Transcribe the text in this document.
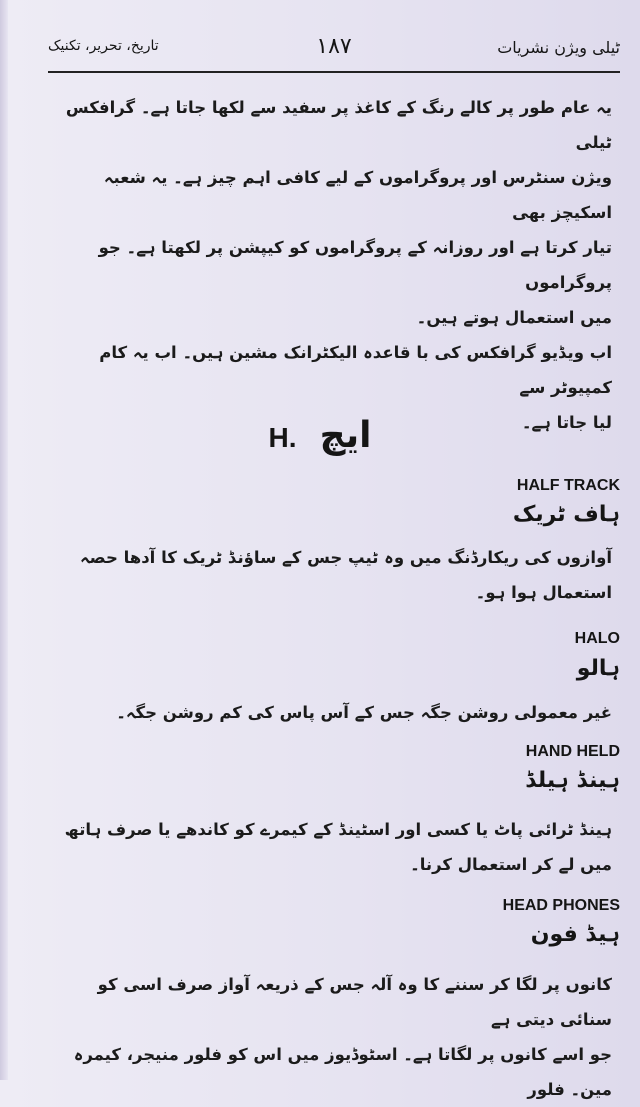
ٹیلی ویژن نشریات
۱۸۷
تاریخ، تحریر، تکنیک
یہ عام طور پر کالے رنگ کے کاغذ پر سفید سے لکھا جاتا ہے۔ گرافکس ٹیلی
ویژن سنٹرس اور پروگراموں کے لیے کافی اہم چیز ہے۔ یہ شعبہ اسکیچز بھی
تیار کرتا ہے اور روزانہ کے پروگراموں کو کیپشن پر لکھتا ہے۔ جو پروگراموں
میں استعمال ہوتے ہیں۔
اب ویڈیو گرافکس کی با قاعدہ الیکٹرانک مشین ہیں۔ اب یہ کام کمپیوٹر سے
لیا جاتا ہے۔
H. ایچ
HALF TRACK
ہاف ٹریک
آوازوں کی ریکارڈنگ میں وہ ٹیپ جس کے ساؤنڈ ٹریک کا آدھا حصہ
استعمال ہوا ہو۔
HALO
ہالو
غیر معمولی روشن جگہ جس کے آس پاس کی کم روشن جگہ۔
HAND HELD
ہینڈ ہیلڈ
ہینڈ ٹرائی پاٹ یا کسی اور اسٹینڈ کے کیمرے کو کاندھے یا صرف ہاتھ
میں لے کر استعمال کرنا۔
HEAD PHONES
ہیڈ فون
کانوں پر لگا کر سننے کا وہ آلہ جس کے ذریعہ آواز صرف اسی کو سنائی دیتی ہے
جو اسے کانوں پر لگاتا ہے۔ اسٹوڈیوز میں اس کو فلور منیجر، کیمرہ مین۔ فلور
